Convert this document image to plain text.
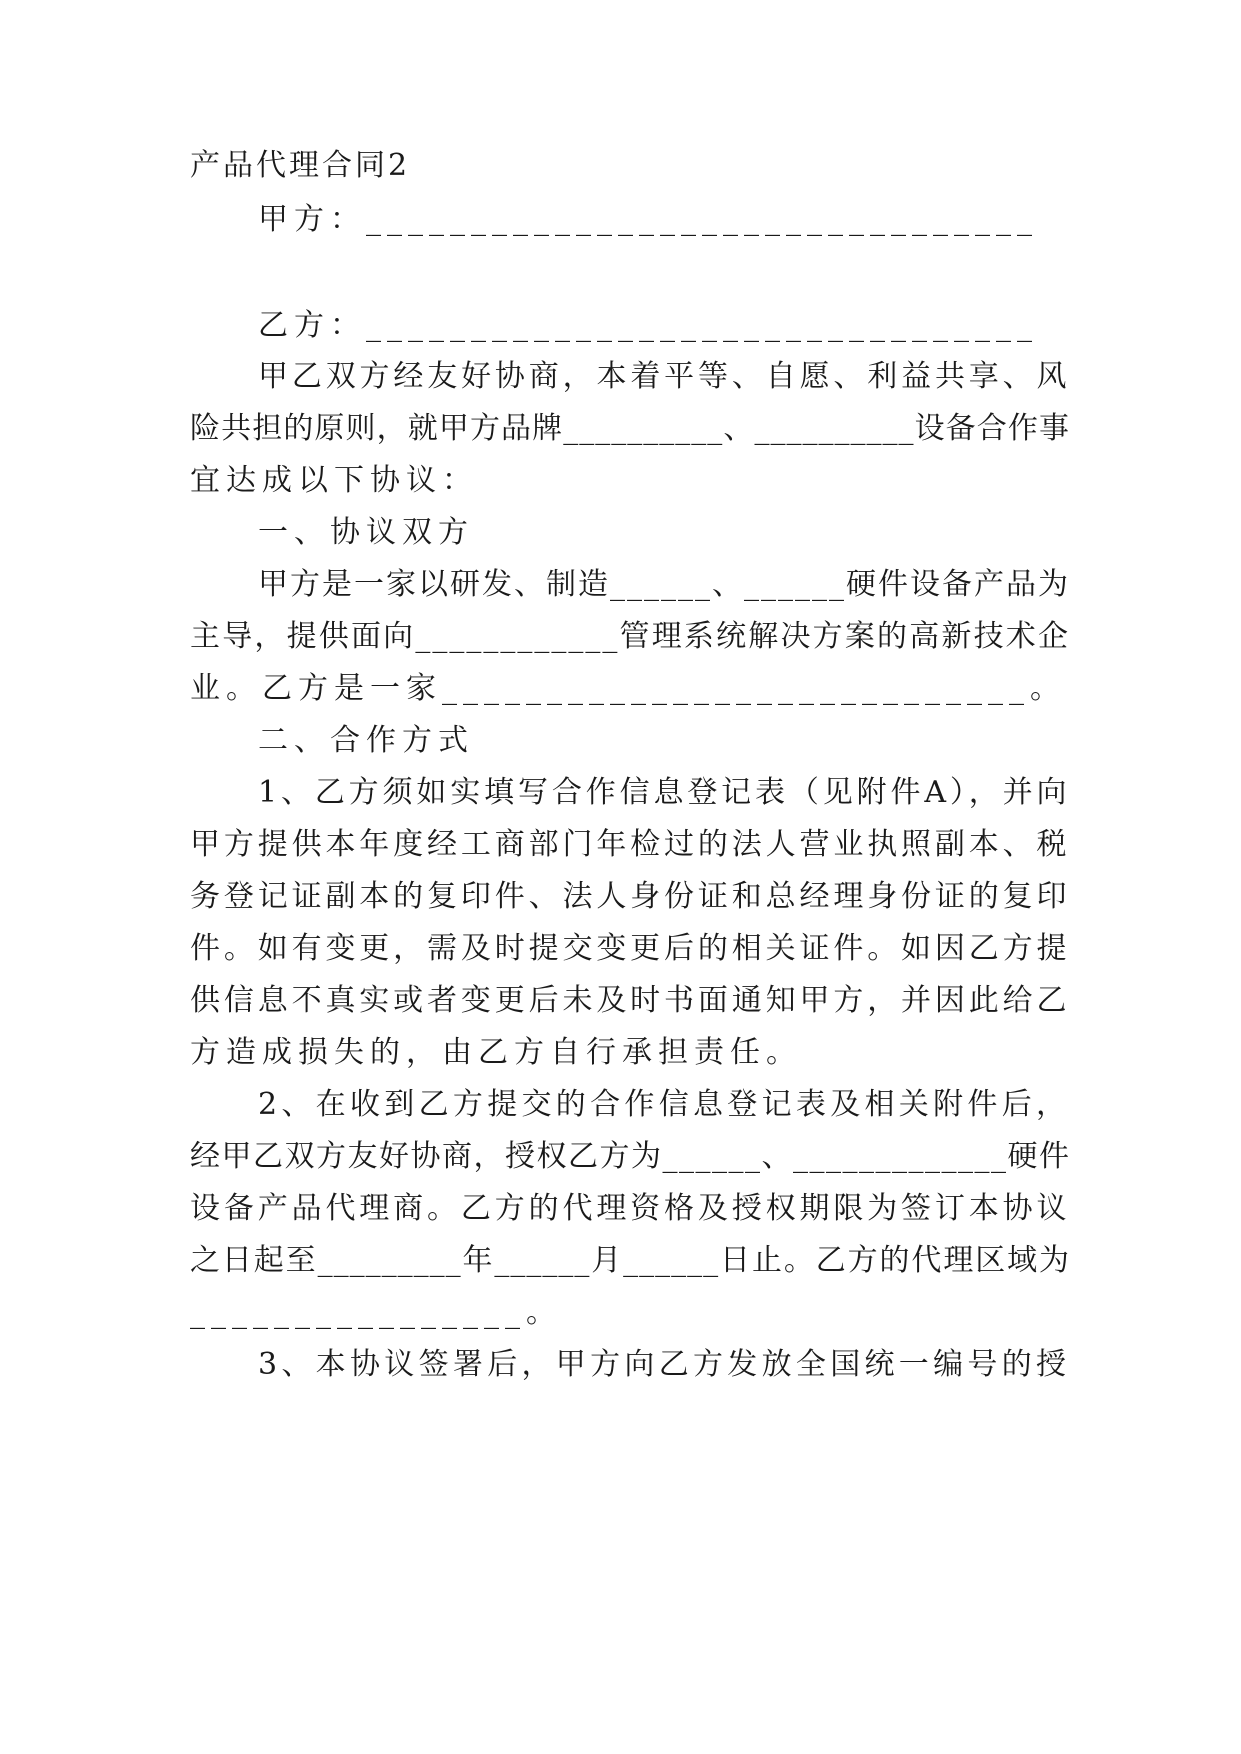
产品代理合同2
甲方：________________________________
乙方：________________________________
甲乙双方经友好协商，本着平等、自愿、利益共享、风
险共担的原则，就甲方品牌__________、__________设备合作事
宜达成以下协议：
一、协议双方
甲方是一家以研发、制造______、______硬件设备产品为
主导，提供面向____________管理系统解决方案的高新技术企
业。乙方是一家____________________________。
二、合作方式
1、乙方须如实填写合作信息登记表（见附件A），并向
甲方提供本年度经工商部门年检过的法人营业执照副本、税
务登记证副本的复印件、法人身份证和总经理身份证的复印
件。如有变更，需及时提交变更后的相关证件。如因乙方提
供信息不真实或者变更后未及时书面通知甲方，并因此给乙
方造成损失的，由乙方自行承担责任。
2、在收到乙方提交的合作信息登记表及相关附件后，
经甲乙双方友好协商，授权乙方为______、_____________硬件
设备产品代理商。乙方的代理资格及授权期限为签订本协议
之日起至_________年______月______日止。乙方的代理区域为
________________。
3、本协议签署后，甲方向乙方发放全国统一编号的授
